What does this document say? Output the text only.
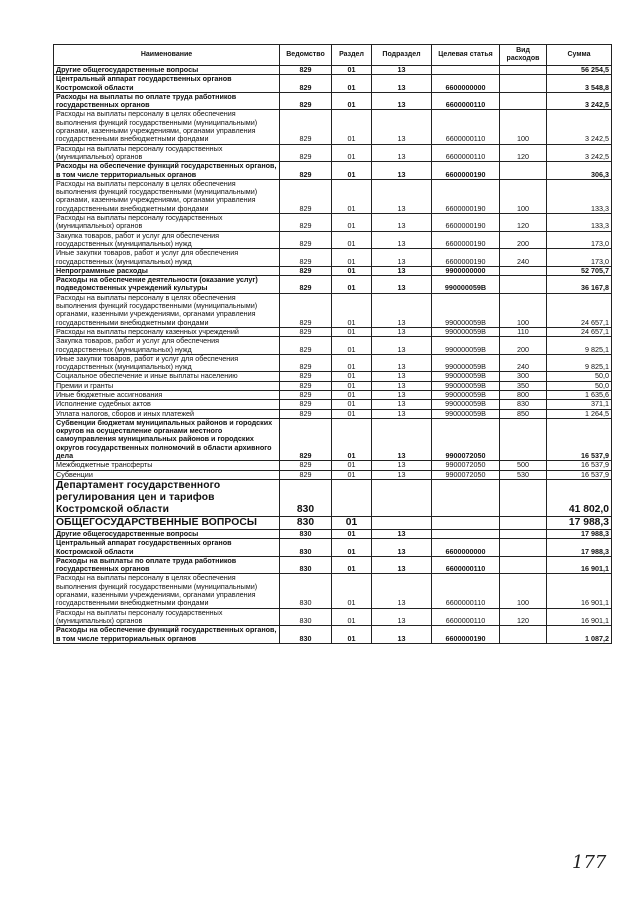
Наименование	Ведомство	Раздел	Подраздел	Целевая статья	Вид расходов	Сумма
Другие общегосударственные вопросы	829	01	13			56 254,5
Центральный аппарат государственных органов Костромской области	829	01	13	6600000000		3 548,8
Расходы на выплаты по оплате труда работников государственных органов	829	01	13	6600000110		3 242,5
Расходы на выплаты персоналу в целях обеспечения выполнения функций государственными (муниципальными) органами, казенными учреждениями, органами управления государственными внебюджетными фондами	829	01	13	6600000110	100	3 242,5
Расходы на выплаты персоналу государственных (муниципальных) органов	829	01	13	6600000110	120	3 242,5
Расходы на обеспечение функций государственных органов, в том числе территориальных органов	829	01	13	6600000190		306,3
Расходы на выплаты персоналу в целях обеспечения выполнения функций государственными (муниципальными) органами, казенными учреждениями, органами управления государственными внебюджетными фондами	829	01	13	6600000190	100	133,3
Расходы на выплаты персоналу государственных (муниципальных) органов	829	01	13	6600000190	120	133,3
Закупка товаров, работ и услуг для обеспечения государственных (муниципальных) нужд	829	01	13	6600000190	200	173,0
Иные закупки товаров, работ и услуг для обеспечения государственных (муниципальных) нужд	829	01	13	6600000190	240	173,0
Непрограммные расходы	829	01	13	9900000000		52 705,7
Расходы на обеспечение деятельности (оказание услуг) подведомственных учреждений культуры	829	01	13	990000059В		36 167,8
Расходы на выплаты персоналу в целях обеспечения выполнения функций государственными (муниципальными) органами, казенными учреждениями, органами управления государственными внебюджетными фондами	829	01	13	990000059В	100	24 657,1
Расходы на выплаты персоналу казенных учреждений	829	01	13	990000059В	110	24 657,1
Закупка товаров, работ и услуг для обеспечения государственных (муниципальных) нужд	829	01	13	990000059В	200	9 825,1
Иные закупки товаров, работ и услуг для обеспечения государственных (муниципальных) нужд	829	01	13	990000059В	240	9 825,1
Социальное обеспечение и иные выплаты населению	829	01	13	990000059В	300	50,0
Премии и гранты	829	01	13	990000059В	350	50,0
Иные бюджетные ассигнования	829	01	13	990000059В	800	1 635,6
Исполнение судебных актов	829	01	13	990000059В	830	371,1
Уплата налогов, сборов и иных платежей	829	01	13	990000059В	850	1 264,5
Субвенции бюджетам муниципальных районов и городских округов на осуществление органами местного самоуправления муниципальных районов и городских округов государственных полномочий в области архивного дела	829	01	13	9900072050		16 537,9
Межбюджетные трансферты	829	01	13	9900072050	500	16 537,9
Субвенции	829	01	13	9900072050	530	16 537,9
Департамент государственного регулирования цен и тарифов Костромской области	830					41 802,0
ОБЩЕГОСУДАРСТВЕННЫЕ ВОПРОСЫ	830	01				17 988,3
Другие общегосударственные вопросы	830	01	13			17 988,3
Центральный аппарат государственных органов Костромской области	830	01	13	6600000000		17 988,3
Расходы на выплаты по оплате труда работников государственных органов	830	01	13	6600000110		16 901,1
Расходы на выплаты персоналу в целях обеспечения выполнения функций государственными (муниципальными) органами, казенными учреждениями, органами управления государственными внебюджетными фондами	830	01	13	6600000110	100	16 901,1
Расходы на выплаты персоналу государственных (муниципальных) органов	830	01	13	6600000110	120	16 901,1
Расходы на обеспечение функций государственных органов, в том числе территориальных органов	830	01	13	6600000190		1 087,2
177
